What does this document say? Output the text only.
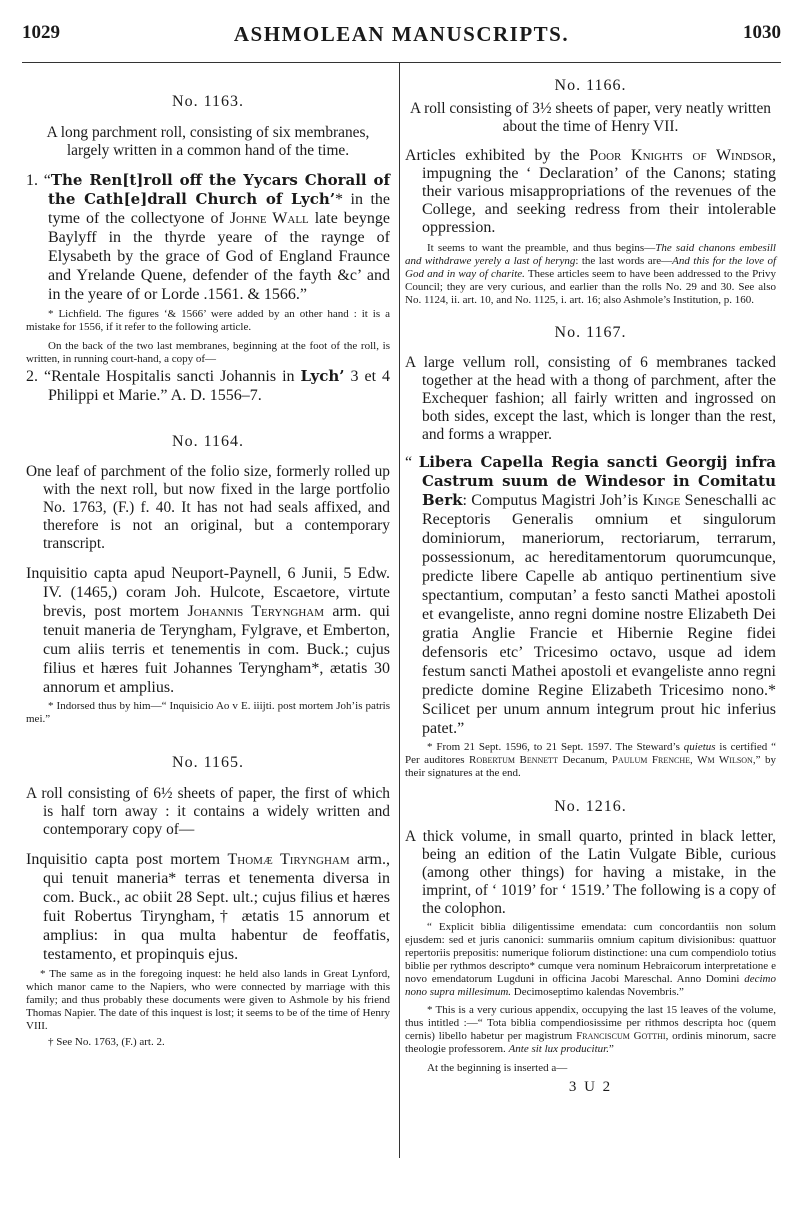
1029	ASHMOLEAN MANUSCRIPTS.	1030
No. 1163.
A long parchment roll, consisting of six membranes, largely written in a common hand of the time.
1. “The Ren[t]roll off the Yycars Chorall of the Cath[e]drall Church of Lych’* in the tyme of the collectyone of Johne Wall late beynge Baylyff in the thyrde yeare of the raynge of Elysabeth by the grace of God of England Fraunce and Yrelande Quene, defender of the fayth &c’ and in the yeare of or Lorde .1561. & 1566.”
* Lichfield. The figures ‘& 1566’ were added by an other hand : it is a mistake for 1556, if it refer to the following article.
On the back of the two last membranes, beginning at the foot of the roll, is written, in running court-hand, a copy of—
2. “Rentale Hospitalis sancti Johannis in Lych’ 3 et 4 Philippi et Marie.” A. D. 1556–7.
No. 1164.
One leaf of parchment of the folio size, formerly rolled up with the next roll, but now fixed in the large portfolio No. 1763, (F.) f. 40. It has not had seals affixed, and therefore is not an original, but a contemporary transcript.
Inquisitio capta apud Neuport-Paynell, 6 Junii, 5 Edw. IV. (1465,) coram Joh. Hulcote, Escaetore, virtute brevis, post mortem Johannis Teryngham arm. qui tenuit maneria de Teryngham, Fylgrave, et Emberton, cum aliis terris et tenementis in com. Buck.; cujus filius et hæres fuit Johannes Teryngham*, ætatis 30 annorum et amplius.
* Indorsed thus by him—“ Inquisicio Ao v E. iiijti. post mortem Joh’is patris mei.”
No. 1165.
A roll consisting of 6½ sheets of paper, the first of which is half torn away : it contains a widely written and contemporary copy of—
Inquisitio capta post mortem Thomæ Tiryngham arm., qui tenuit maneria* terras et tenementa diversa in com. Buck., ac obiit 28 Sept. ult.; cujus filius et hæres fuit Robertus Tiryngham,† ætatis 15 annorum et amplius: in qua multa habentur de feoffatis, testamento, et propinquis ejus.
* The same as in the foregoing inquest: he held also lands in Great Lynford, which manor came to the Napiers, who were connected by marriage with this family; and thus probably these documents were given to Ashmole by his friend Thomas Napier. The date of this inquest is lost; it seems to be of the time of Henry VIII.
† See No. 1763, (F.) art. 2.
No. 1166.
A roll consisting of 3½ sheets of paper, very neatly written about the time of Henry VII.
Articles exhibited by the Poor Knights of Windsor, impugning the ‘ Declaration’ of the Canons; stating their various misappropriations of the revenues of the College, and seeking redress from their intolerable oppression.
It seems to want the preamble, and thus begins—The said chanons embesill and withdrawe yerely a last of heryng: the last words are—And this for the love of God and in way of charite. These articles seem to have been addressed to the Privy Council; they are very curious, and earlier than the rolls No. 29 and 30. See also No. 1124, ii. art. 10, and No. 1125, i. art. 16; also Ashmole’s Institution, p. 160.
No. 1167.
A large vellum roll, consisting of 6 membranes tacked together at the head with a thong of parchment, after the Exchequer fashion; all fairly written and ingrossed on both sides, except the last, which is longer than the rest, and forms a wrapper.
“ Libera Capella Regia sancti Georgij infra Castrum suum de Windesor in Comitatu Berk: Computus Magistri Joh’is Kinge Seneschalli ac Receptoris Generalis omnium et singulorum dominiorum, maneriorum, rectoriarum, terrarum, possessionum, ac hereditamentorum quorumcunque, predicte libere Capelle ab antiquo pertinentium sive spectantium, computan’ a festo sancti Mathei apostoli et evangeliste, anno regni domine nostre Elizabeth Dei gratia Anglie Francie et Hibernie Regine fidei defensoris etc’ Tricesimo octavo, usque ad idem festum sancti Mathei apostoli et evangeliste anno regni predicte domine Regine Elizabeth Tricesimo nono.* Scilicet per unum annum integrum prout hic inferius patet.”
* From 21 Sept. 1596, to 21 Sept. 1597. The Steward’s quietus is certified “ Per auditores Robertum Bennett Decanum, Paulum Frenche, Wm Wilson,” by their signatures at the end.
No. 1216.
A thick volume, in small quarto, printed in black letter, being an edition of the Latin Vulgate Bible, curious (among other things) for having a mistake, in the imprint, of ‘ 1019’ for ‘ 1519.’ The following is a copy of the colophon.
“ Explicit biblia diligentissime emendata: cum concordantiis non solum ejusdem: sed et juris canonici: summariis omnium capitum divisionibus: quattuor repertoriis prepositis: numerique foliorum distinctione: una cum compendiolo totius biblie per rythmos descripto* cumque vera nominum Hebraicorum interpretatione e novo emendatorum Lugduni in officina Jacobi Mareschal. Anno Domini decimo nono supra millesimum. Decimoseptimo kalendas Novembris.”
* This is a very curious appendix, occupying the last 15 leaves of the volume, thus intitled :—“ Tota biblia compendiosissime per rithmos descripta hoc (quem cernis) libello habetur per magistrum Franciscum Gotthi, ordinis minorum, sacre theologie professorem. Ante sit lux producitur.”
At the beginning is inserted a—
3 U 2
